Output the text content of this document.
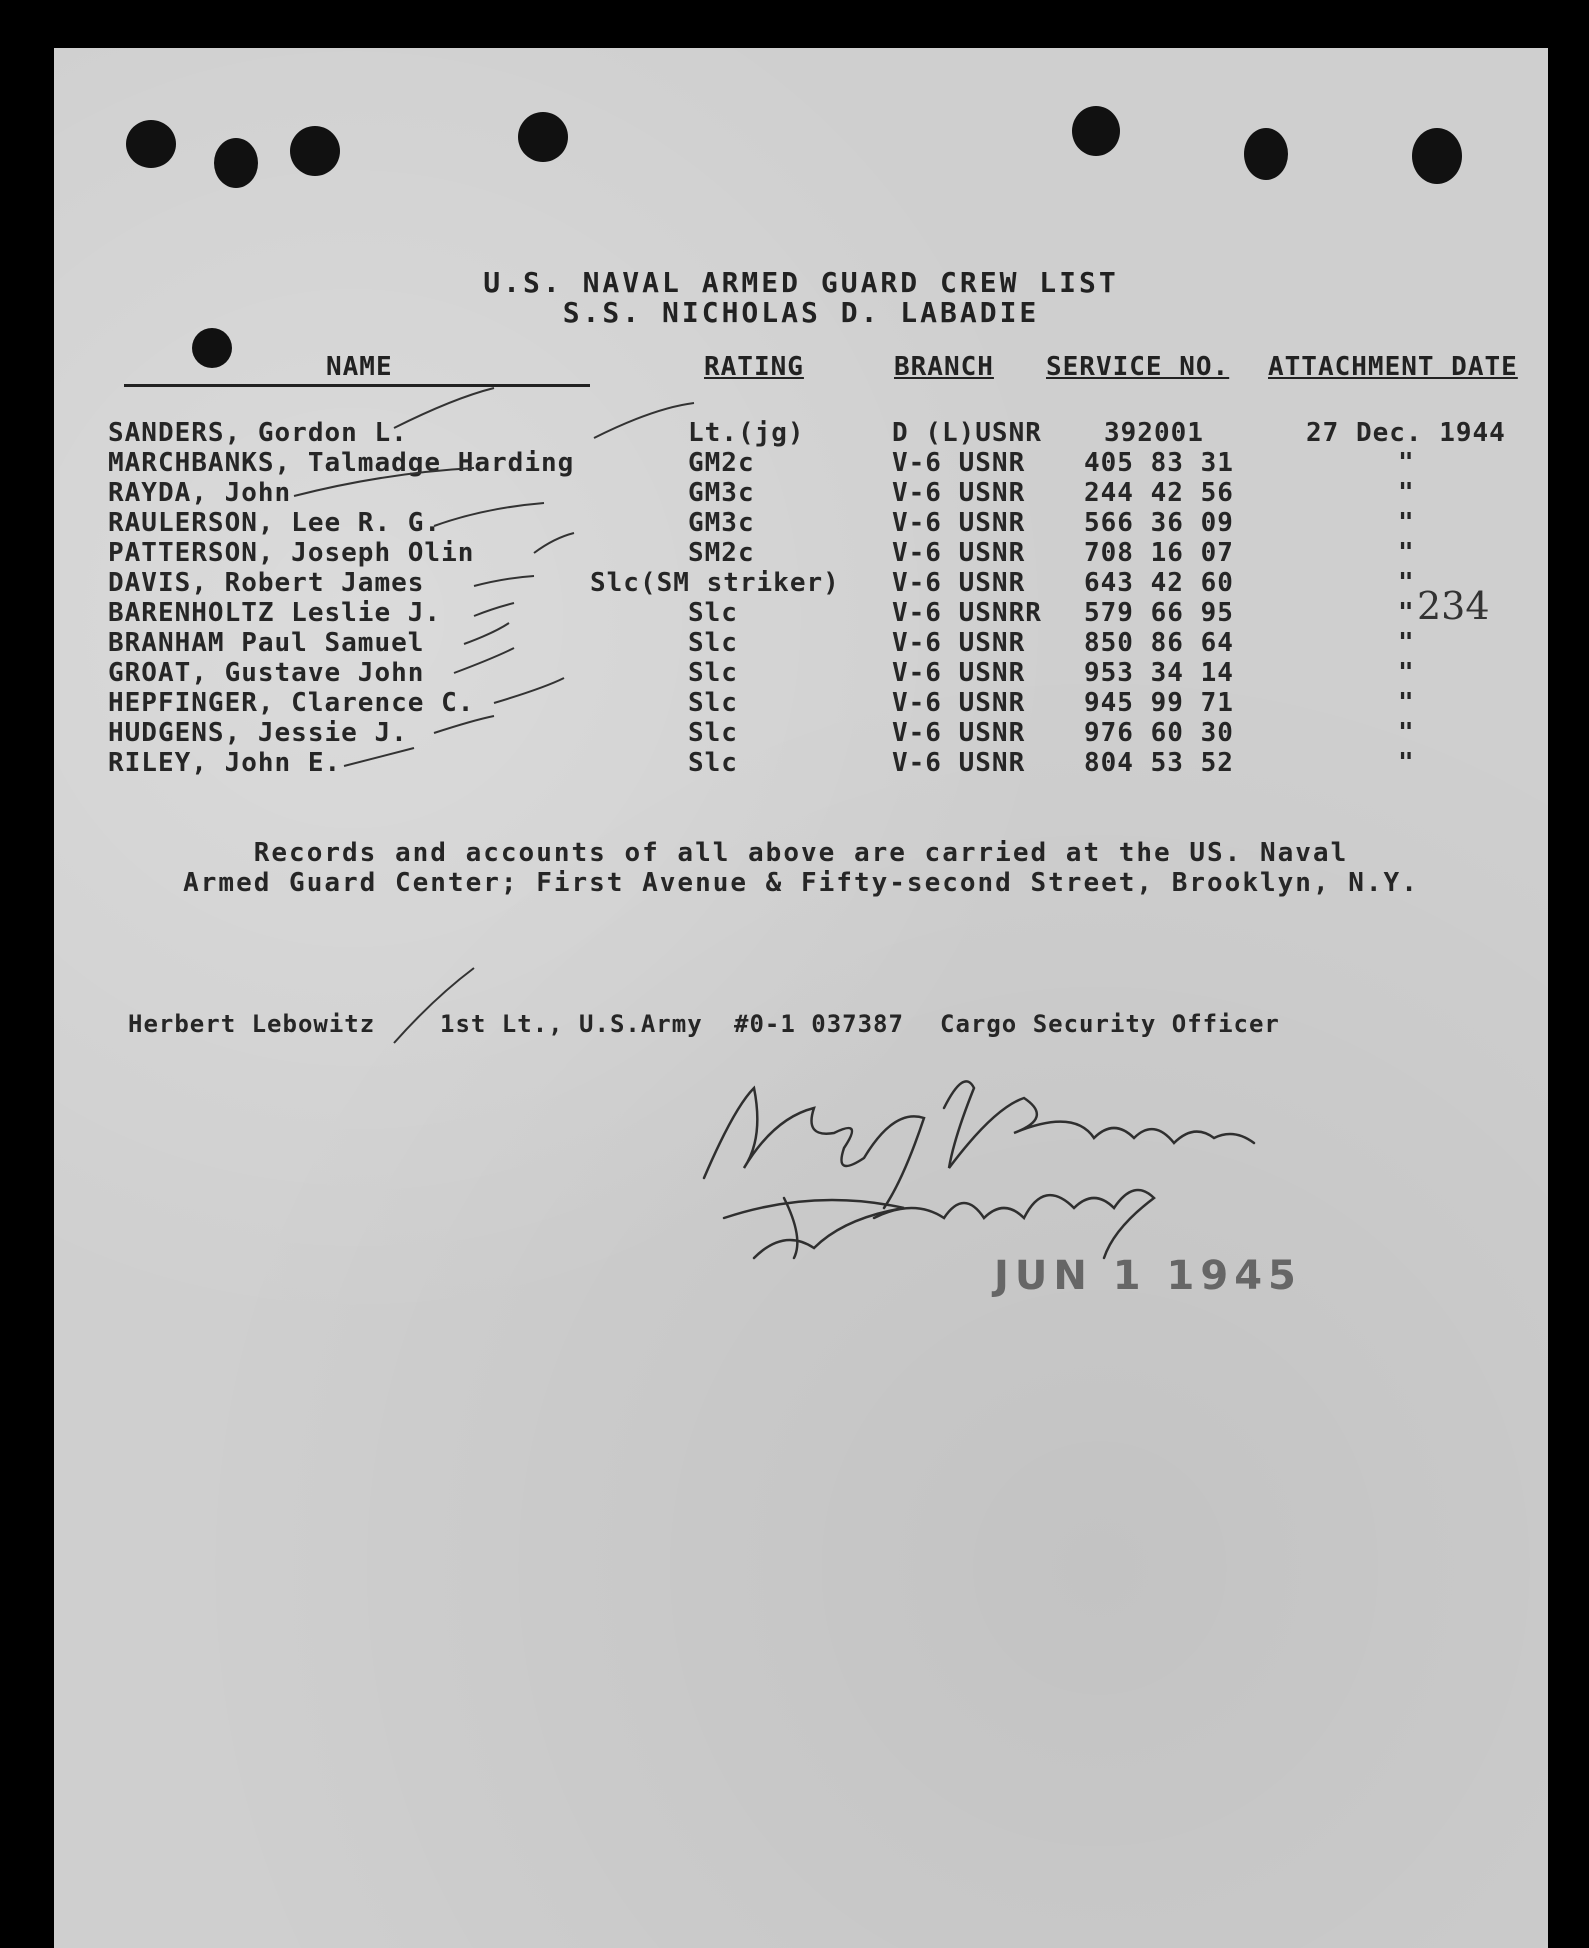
U.S. NAVAL ARMED GUARD CREW LIST
S.S. NICHOLAS D. LABADIE
NAME	RATING	BRANCH SERVICE NO. ATTACHMENT DATE
SANDERS, Gordon L.	Lt.(jg)	D (L)USNR 392001	27 Dec. 1944
MARCHBANKS, Talmadge Harding	GM2c	V-6 USNR 405 83 31	"
RAYDA, John	GM3c	V-6 USNR 244 42 56	"
RAULERSON, Lee R. G.	GM3c	V-6 USNR 566 36 09	"
PATTERSON, Joseph Olin	SM2c	V-6 USNR 708 16 07	"
DAVIS, Robert James	Slc(SM striker) V-6 USNR 643 42 60	"
BARENHOLTZ Leslie J.	Slc	V-6 USNRR 579 66 95	"
BRANHAM Paul Samuel	Slc	V-6 USNR 850 86 64	"
GROAT, Gustave John	Slc	V-6 USNR 953 34 14	"
HEPFINGER, Clarence C.	Slc	V-6 USNR 945 99 71	"
HUDGENS, Jessie J.	Slc	V-6 USNR 976 60 30	"
RILEY, John E.	Slc	V-6 USNR 804 53 52	"
234
Records and accounts of all above are carried at the US. Naval
Armed Guard Center; First Avenue & Fifty-second Street, Brooklyn, N.Y.
Herbert Lebowitz	1st Lt., U.S.Army #0-1 037387 Cargo Security Officer
JUN 1 1945
